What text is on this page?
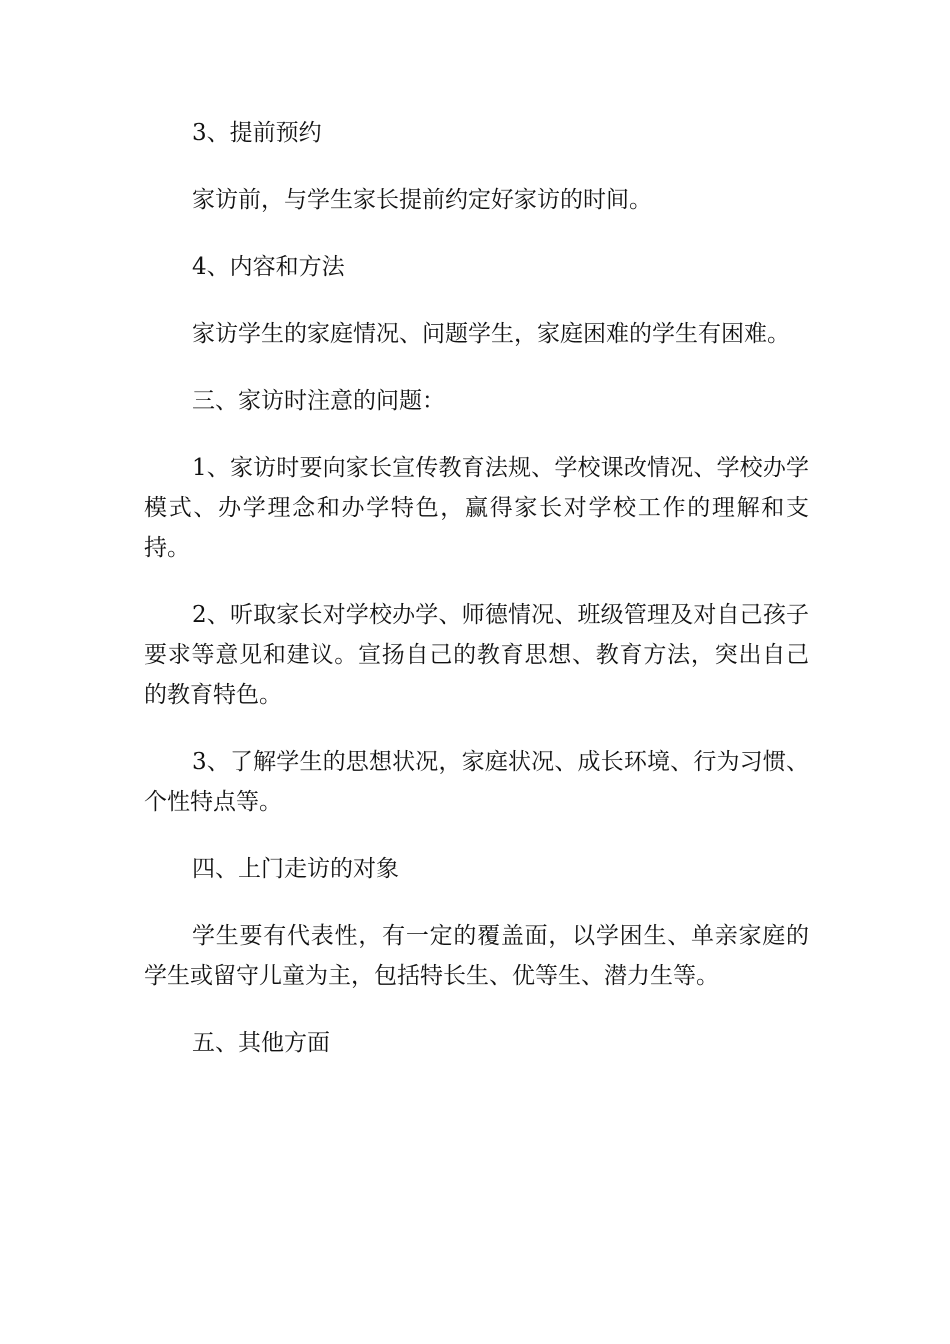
3、提前预约

家访前，与学生家长提前约定好家访的时间。

4、内容和方法

家访学生的家庭情况、问题学生，家庭困难的学生有困难。

三、家访时注意的问题：

1、家访时要向家长宣传教育法规、学校课改情况、学校办学模式、办学理念和办学特色，赢得家长对学校工作的理解和支持。

2、听取家长对学校办学、师德情况、班级管理及对自己孩子要求等意见和建议。宣扬自己的教育思想、教育方法，突出自己的教育特色。

3、了解学生的思想状况，家庭状况、成长环境、行为习惯、个性特点等。

四、上门走访的对象

学生要有代表性，有一定的覆盖面，以学困生、单亲家庭的学生或留守儿童为主，包括特长生、优等生、潜力生等。

五、其他方面
